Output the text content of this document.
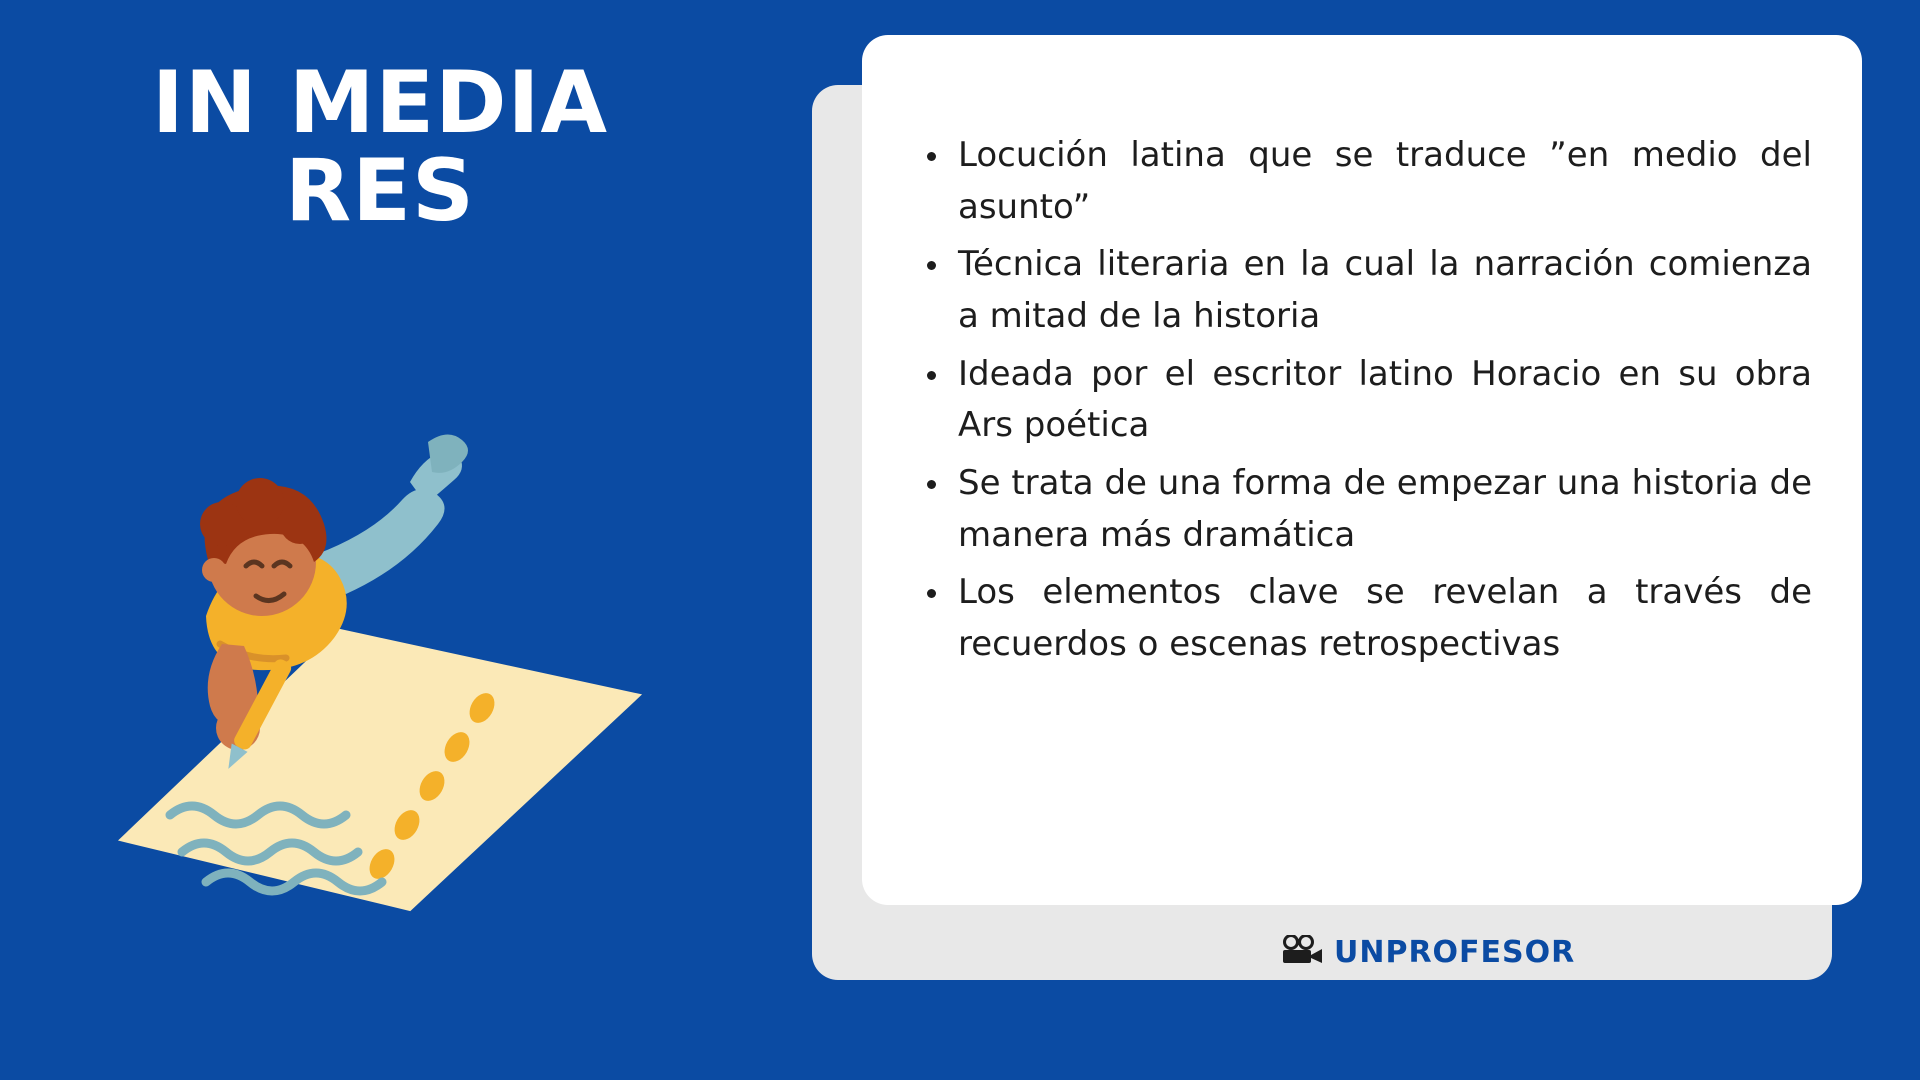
IN MEDIA
RES	• Locución latina que se traduce ”en medio del asunto”
• Técnica literaria en la cual la narración comienza a mitad de la historia
• Ideada por el escritor latino Horacio en su obra Ars poética
• Se trata de una forma de empezar una historia de manera más dramática
• Los elementos clave se revelan a través de recuerdos o escenas retrospectivas
UNPROFESOR
